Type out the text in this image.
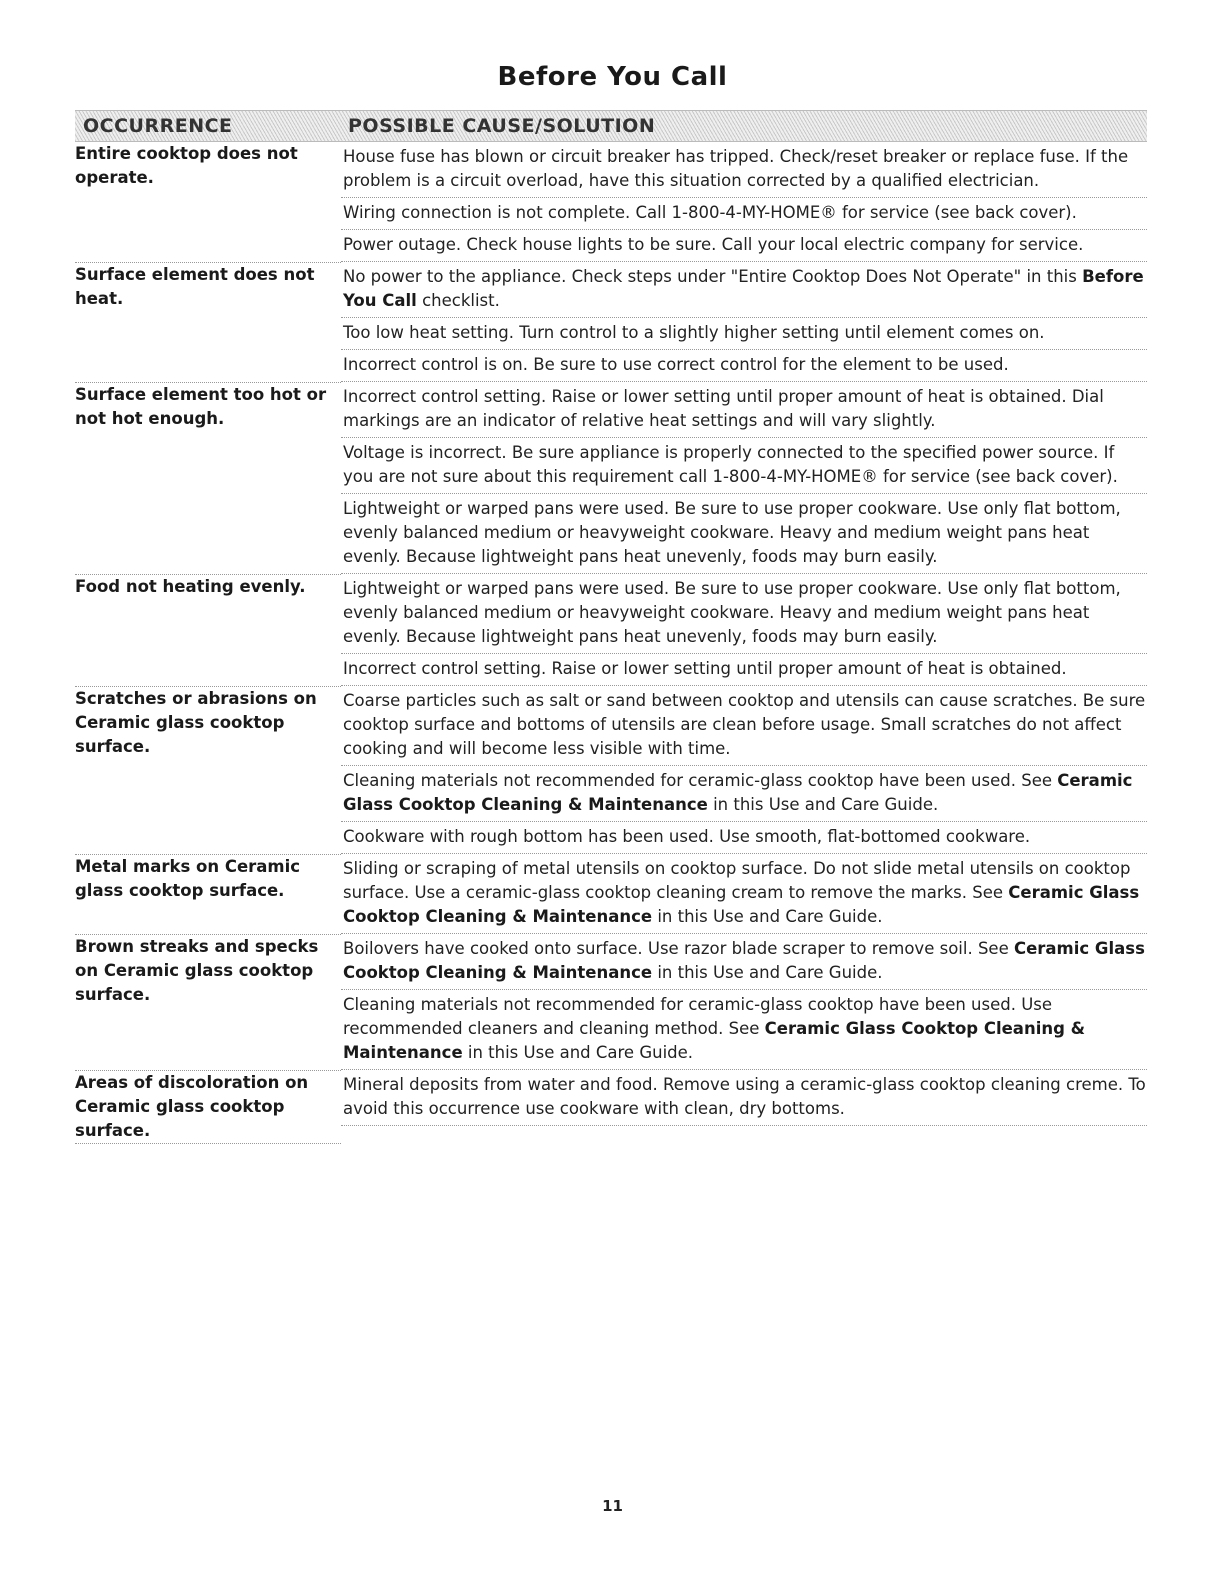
Before You Call
OCCURRENCE	POSSIBLE CAUSE/SOLUTION
Entire cooktop does not operate.	House fuse has blown or circuit breaker has tripped. Check/reset breaker or replace fuse. If the problem is a circuit overload, have this situation corrected by a qualified electrician.
Wiring connection is not complete. Call 1-800-4-MY-HOME® for service (see back cover).
Power outage. Check house lights to be sure. Call your local electric company for service.

Surface element does not heat.	No power to the appliance. Check steps under "Entire Cooktop Does Not Operate" in this Before You Call checklist.
Too low heat setting. Turn control to a slightly higher setting until element comes on.
Incorrect control is on. Be sure to use correct control for the element to be used.

Surface element too hot or not hot enough.	Incorrect control setting. Raise or lower setting until proper amount of heat is obtained. Dial markings are an indicator of relative heat settings and will vary slightly.
Voltage is incorrect. Be sure appliance is properly connected to the specified power source. If you are not sure about this requirement call 1-800-4-MY-HOME® for service (see back cover).
Lightweight or warped pans were used. Be sure to use proper cookware. Use only flat bottom, evenly balanced medium or heavyweight cookware. Heavy and medium weight pans heat evenly. Because lightweight pans heat unevenly, foods may burn easily.

Food not heating evenly.	Lightweight or warped pans were used. Be sure to use proper cookware. Use only flat bottom, evenly balanced medium or heavyweight cookware. Heavy and medium weight pans heat evenly. Because lightweight pans heat unevenly, foods may burn easily.
Incorrect control setting. Raise or lower setting until proper amount of heat is obtained.

Scratches or abrasions on Ceramic glass cooktop surface.	Coarse particles such as salt or sand between cooktop and utensils can cause scratches. Be sure cooktop surface and bottoms of utensils are clean before usage. Small scratches do not affect cooking and will become less visible with time.
Cleaning materials not recommended for ceramic-glass cooktop have been used. See Ceramic Glass Cooktop Cleaning & Maintenance in this Use and Care Guide.
Cookware with rough bottom has been used. Use smooth, flat-bottomed cookware.

Metal marks on Ceramic glass cooktop surface.	Sliding or scraping of metal utensils on cooktop surface. Do not slide metal utensils on cooktop surface. Use a ceramic-glass cooktop cleaning cream to remove the marks. See Ceramic Glass Cooktop Cleaning & Maintenance in this Use and Care Guide.

Brown streaks and specks on Ceramic glass cooktop surface.	Boilovers have cooked onto surface. Use razor blade scraper to remove soil. See Ceramic Glass Cooktop Cleaning & Maintenance in this Use and Care Guide.
Cleaning materials not recommended for ceramic-glass cooktop have been used. Use recommended cleaners and cleaning method. See Ceramic Glass Cooktop Cleaning & Maintenance in this Use and Care Guide.

Areas of discoloration on Ceramic glass cooktop surface.	Mineral deposits from water and food. Remove using a ceramic-glass cooktop cleaning creme. To avoid this occurrence use cookware with clean, dry bottoms.
11
